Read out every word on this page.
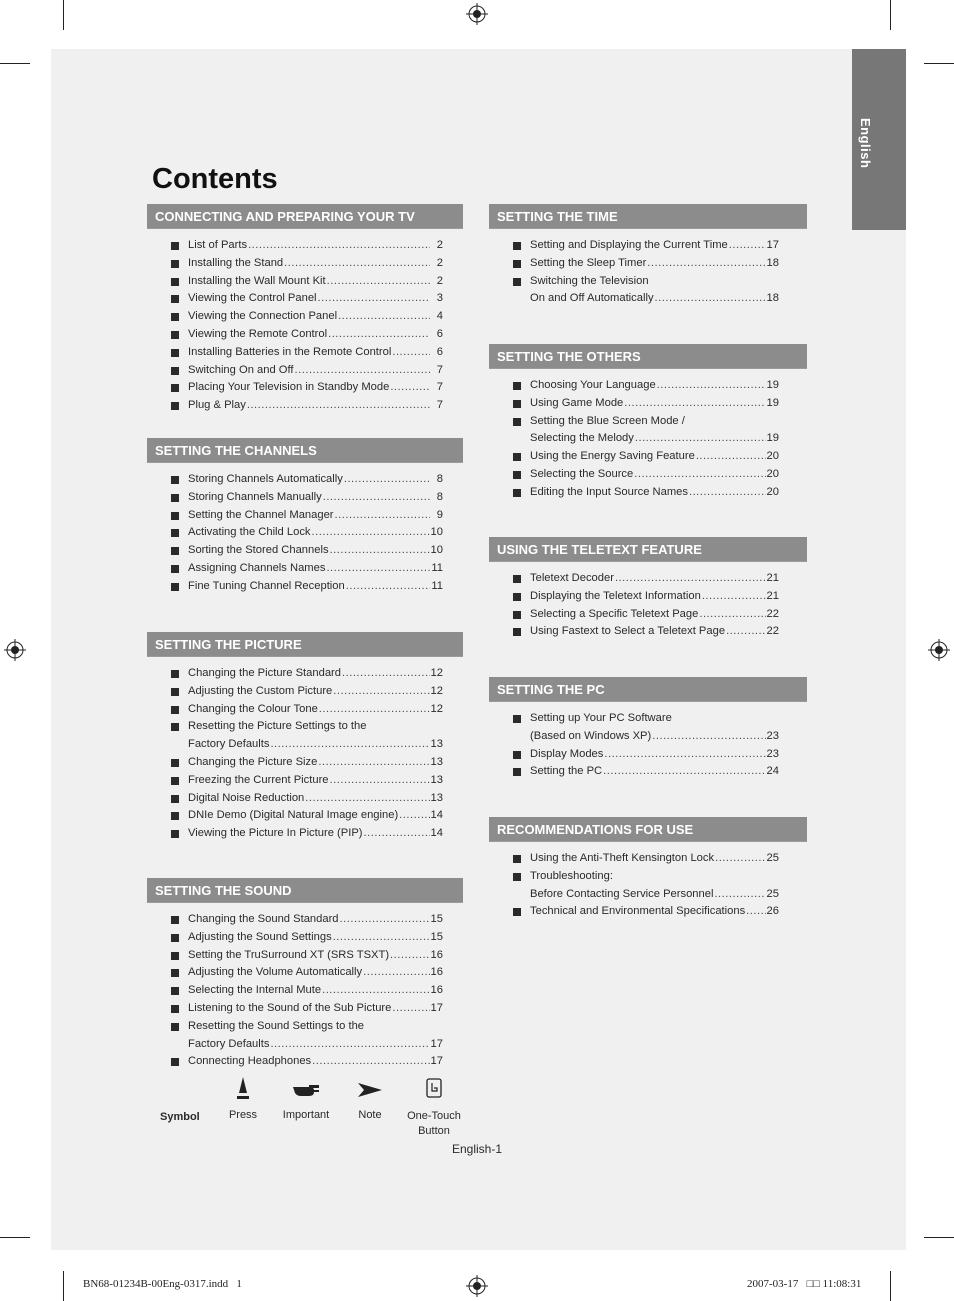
English
Contents
CONNECTING AND PREPARING YOUR TV
List of Parts .....	2
Installing the Stand .....	2
Installing the Wall Mount Kit .....	2
Viewing the Control Panel .....	3
Viewing the Connection Panel .....	4
Viewing the Remote Control .....	6
Installing Batteries in the Remote Control .....	6
Switching On and Off .....	7
Placing Your Television in Standby Mode .....	7
Plug & Play .....	7
SETTING THE CHANNELS
Storing Channels Automatically .....	8
Storing Channels Manually .....	8
Setting the Channel Manager .....	9
Activating the Child Lock .....	10
Sorting the Stored Channels .....	10
Assigning Channels Names .....	11
Fine Tuning Channel Reception .....	11
SETTING THE PICTURE
Changing the Picture Standard .....	12
Adjusting the Custom Picture .....	12
Changing the Colour Tone .....	12
Resetting the Picture Settings to the
Factory Defaults .....	13
Changing the Picture Size .....	13
Freezing the Current Picture .....	13
Digital Noise Reduction .....	13
DNIe Demo (Digital Natural Image engine) .....	14
Viewing the Picture In Picture (PIP) .....	14
SETTING THE SOUND
Changing the Sound Standard .....	15
Adjusting the Sound Settings .....	15
Setting the TruSurround XT (SRS TSXT) .....	16
Adjusting the Volume Automatically .....	16
Selecting the Internal Mute .....	16
Listening to the Sound of the Sub Picture .....	17
Resetting the Sound Settings to the
Factory Defaults .....	17
Connecting Headphones .....	17
SETTING THE TIME
Setting and Displaying the Current Time .....	17
Setting the Sleep Timer .....	18
Switching the Television
On and Off Automatically .....	18
SETTING THE OTHERS
Choosing Your Language .....	19
Using Game Mode .....	19
Setting the Blue Screen Mode /
Selecting the Melody .....	19
Using the Energy Saving Feature .....	20
Selecting the Source .....	20
Editing the Input Source Names .....	20
USING THE TELETEXT FEATURE
Teletext Decoder .....	21
Displaying the Teletext Information .....	21
Selecting a Specific Teletext Page .....	22
Using Fastext to Select a Teletext Page .....	22
SETTING THE PC
Setting up Your PC Software
(Based on Windows XP) .....	23
Display Modes .....	23
Setting the PC .....	24
RECOMMENDATIONS FOR USE
Using the Anti-Theft Kensington Lock .....	25
Troubleshooting:
Before Contacting Service Personnel .....	25
Technical and Environmental Specifications ..... 26
Symbol	Press	Important	Note	One-Touch
Button
English-1
BN68-01234B-00Eng-0317.indd   1	2007-03-17   □□ 11:08:31
